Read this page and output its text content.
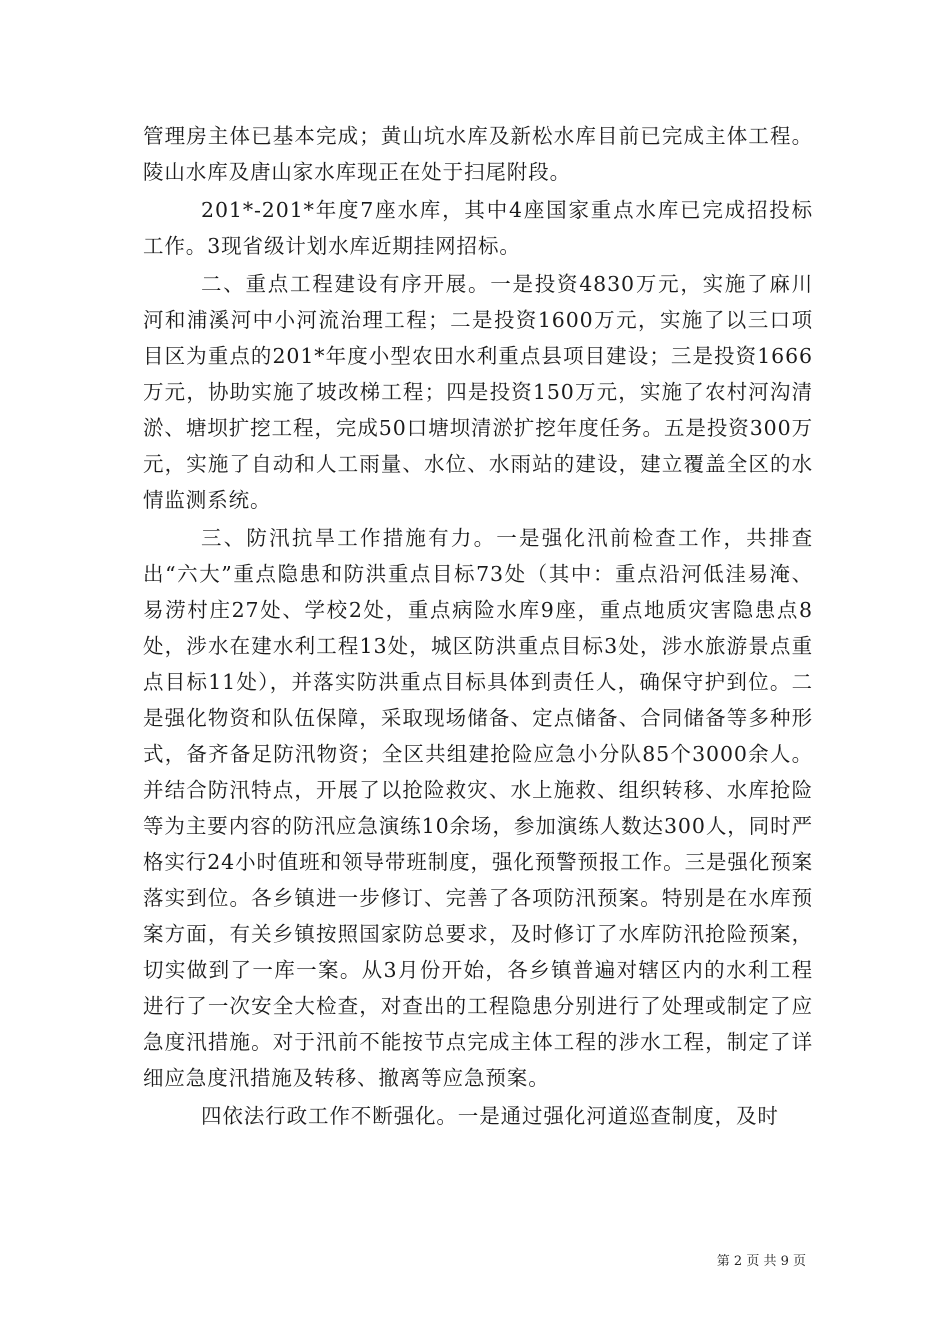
管理房主体已基本完成；黄山坑水库及新松水库目前已完成主体工程。陵山水库及唐山家水库现正在处于扫尾附段。

201*-201*年度7座水库，其中4座国家重点水库已完成招投标工作。3现省级计划水库近期挂网招标。

二、重点工程建设有序开展。一是投资4830万元，实施了麻川河和浦溪河中小河流治理工程；二是投资1600万元，实施了以三口项目区为重点的201*年度小型农田水利重点县项目建设；三是投资1666万元，协助实施了坡改梯工程；四是投资150万元，实施了农村河沟清淤、塘坝扩挖工程，完成50口塘坝清淤扩挖年度任务。五是投资300万元，实施了自动和人工雨量、水位、水雨站的建设，建立覆盖全区的水情监测系统。

三、防汛抗旱工作措施有力。一是强化汛前检查工作，共排查出“六大”重点隐患和防洪重点目标73处（其中：重点沿河低洼易淹、易涝村庄27处、学校2处，重点病险水库9座，重点地质灾害隐患点8处，涉水在建水利工程13处，城区防洪重点目标3处，涉水旅游景点重点目标11处），并落实防洪重点目标具体到责任人，确保守护到位。二是强化物资和队伍保障，采取现场储备、定点储备、合同储备等多种形式，备齐备足防汛物资；全区共组建抢险应急小分队85个3000余人。并结合防汛特点，开展了以抢险救灾、水上施救、组织转移、水库抢险等为主要内容的防汛应急演练10余场，参加演练人数达300人，同时严格实行24小时值班和领导带班制度，强化预警预报工作。三是强化预案落实到位。各乡镇进一步修订、完善了各项防汛预案。特别是在水库预案方面，有关乡镇按照国家防总要求，及时修订了水库防汛抢险预案，切实做到了一库一案。从3月份开始，各乡镇普遍对辖区内的水利工程进行了一次安全大检查，对查出的工程隐患分别进行了处理或制定了应急度汛措施。对于汛前不能按节点完成主体工程的涉水工程，制定了详细应急度汛措施及转移、撤离等应急预案。

四依法行政工作不断强化。一是通过强化河道巡查制度，及时

第 2 页 共 9 页
